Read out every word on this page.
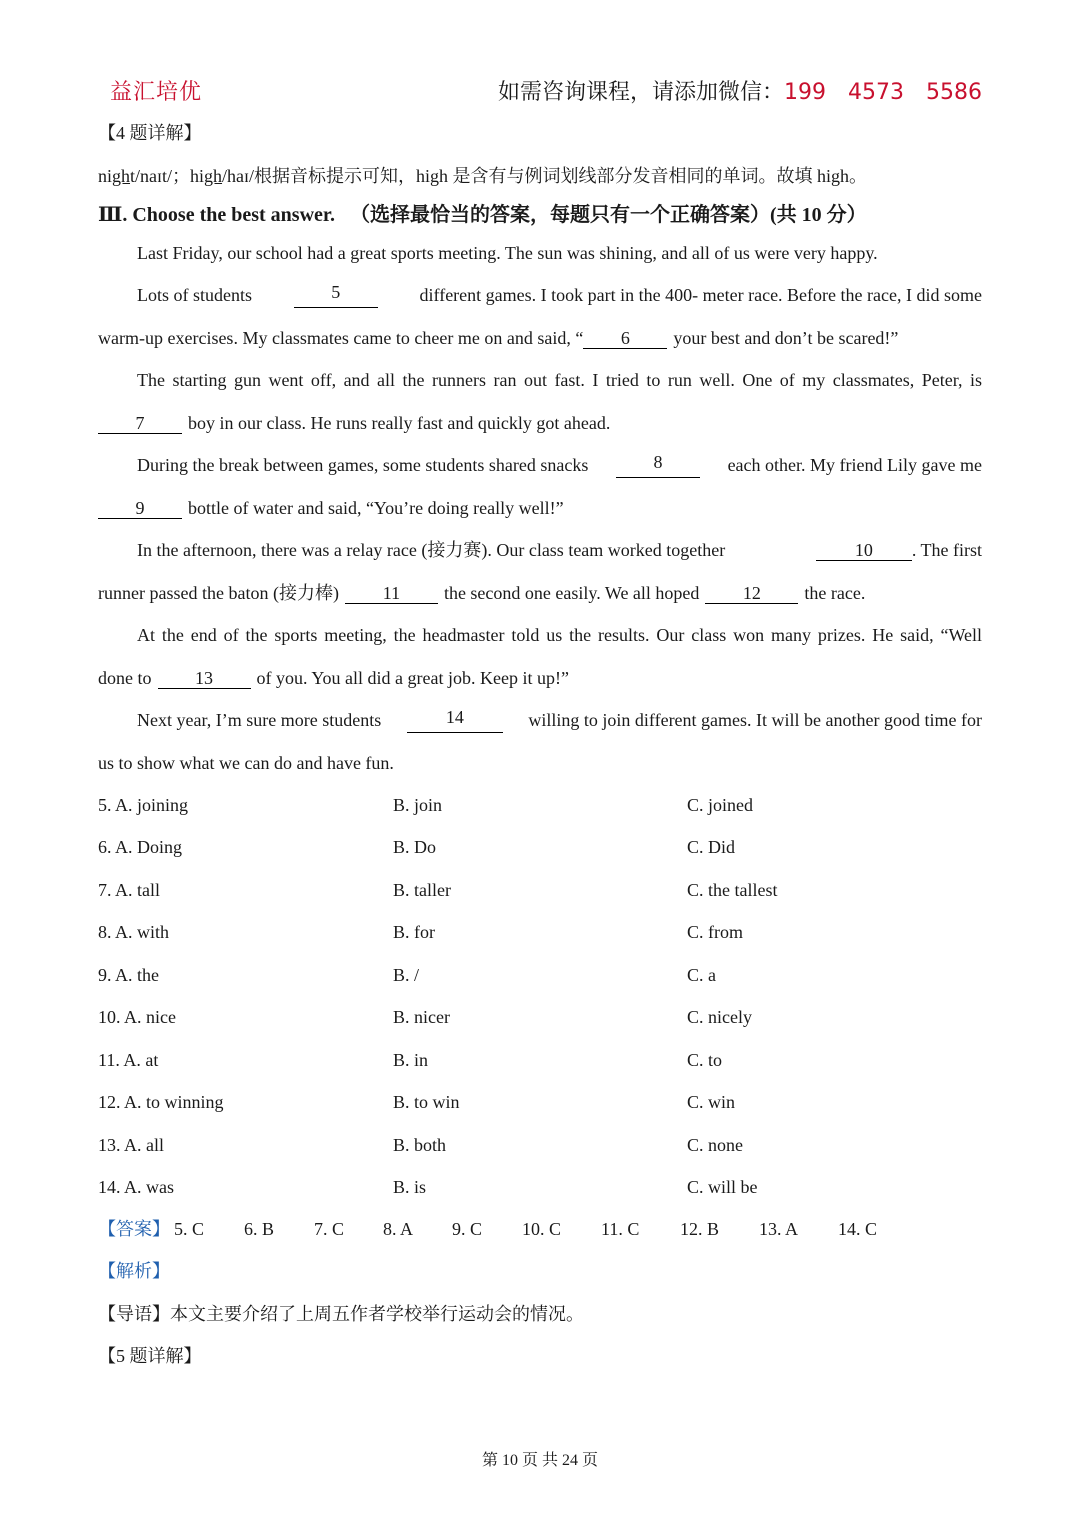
益汇培优	如需咨询课程，请添加微信：199　4573　5586
【4 题详解】
night/naɪt/；high/haɪ/根据音标提示可知，high 是含有与例词划线部分发音相同的单词。故填 high。
Ⅲ. Choose the best answer. （选择最恰当的答案，每题只有一个正确答案）(共 10 分）
Last Friday, our school had a great sports meeting. The sun was shining, and all of us were very happy.
Lots of students	5	different games. I took part in the 400- meter race. Before the race, I did some
warm-up exercises. My classmates came to cheer me on and said, “ 6 your best and don’t be scared!”
The starting gun went off, and all the runners ran out fast. I tried to run well. One of my classmates, Peter, is
7 boy in our class. He runs really fast and quickly got ahead.
During the break between games, some students shared snacks	8	each other. My friend Lily gave me
9 bottle of water and said, “You’re doing really well!”
In the afternoon, there was a relay race (接力赛). Our class team worked together	10 . The first
runner passed the baton (接力棒) 11 the second one easily. We all hoped 12 the race.
At the end of the sports meeting, the headmaster told us the results. Our class won many prizes. He said, “Well
done to 13 of you. You all did a great job. Keep it up!”
Next year, I’m sure more students	14	willing to join different games. It will be another good time for
us to show what we can do and have fun.
5. A. joining	B. join	C. joined
6. A. Doing	B. Do	C. Did
7. A. tall	B. taller	C. the tallest
8. A. with	B. for	C. from
9. A. the	B. /	C. a
10. A. nice	B. nicer	C. nicely
11. A. at	B. in	C. to
12. A. to winning	B. to win	C. win
13. A. all	B. both	C. none
14. A. was	B. is	C. will be
【答案】 5. C 6. B 7. C 8. A 9. C 10. C 11. C 12. B 13. A 14. C
【解析】
【导语】本文主要介绍了上周五作者学校举行运动会的情况。
【5 题详解】
第 10 页 共 24 页
